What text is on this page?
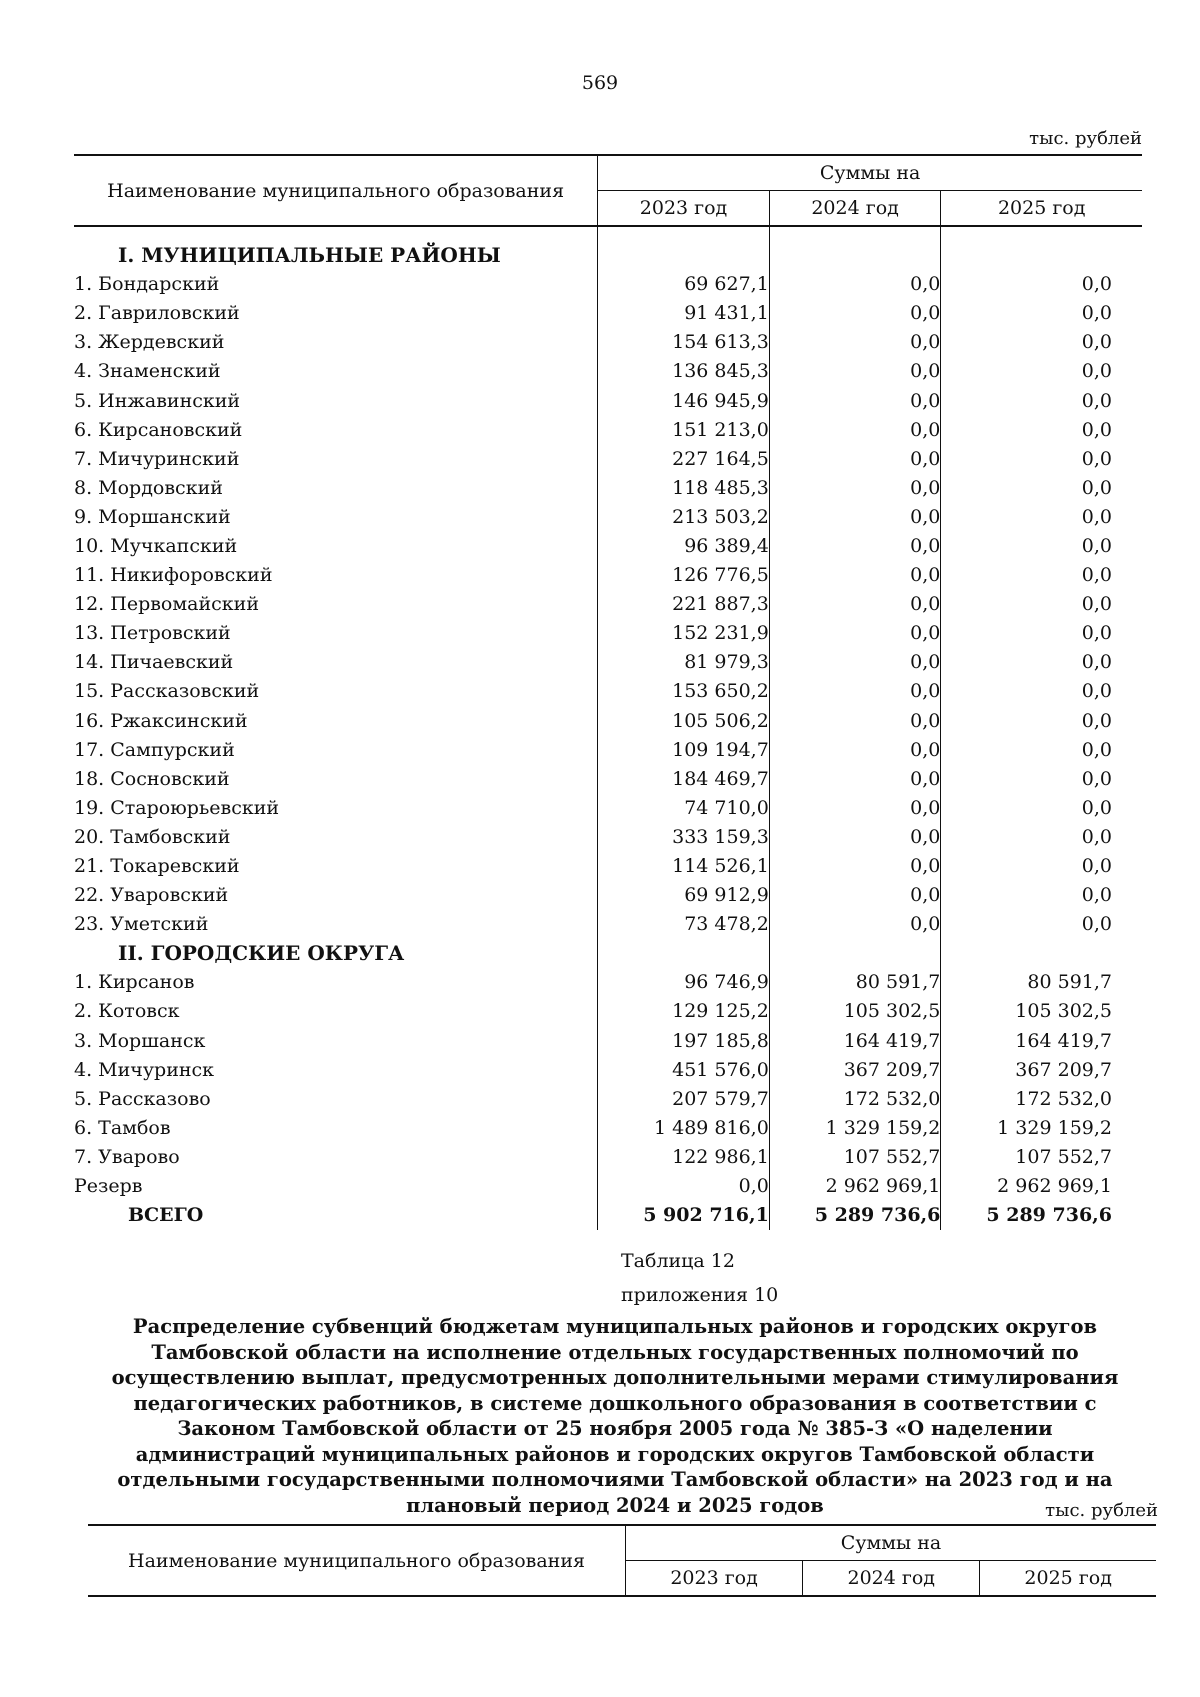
569
тыс. рублей
Наименование муниципального образования	Суммы на		
	2023 год	2024 год	2025 год
I. МУНИЦИПАЛЬНЫЕ РАЙОНЫ			
1. Бондарский	69 627,1	0,0	0,0
2. Гавриловский	91 431,1	0,0	0,0
3. Жердевский	154 613,3	0,0	0,0
4. Знаменский	136 845,3	0,0	0,0
5. Инжавинский	146 945,9	0,0	0,0
6. Кирсановский	151 213,0	0,0	0,0
7. Мичуринский	227 164,5	0,0	0,0
8. Мордовский	118 485,3	0,0	0,0
9. Моршанский	213 503,2	0,0	0,0
10. Мучкапский	96 389,4	0,0	0,0
11. Никифоровский	126 776,5	0,0	0,0
12. Первомайский	221 887,3	0,0	0,0
13. Петровский	152 231,9	0,0	0,0
14. Пичаевский	81 979,3	0,0	0,0
15. Рассказовский	153 650,2	0,0	0,0
16. Ржаксинский	105 506,2	0,0	0,0
17. Сампурский	109 194,7	0,0	0,0
18. Сосновский	184 469,7	0,0	0,0
19. Староюрьевский	74 710,0	0,0	0,0
20. Тамбовский	333 159,3	0,0	0,0
21. Токаревский	114 526,1	0,0	0,0
22. Уваровский	69 912,9	0,0	0,0
23. Уметский	73 478,2	0,0	0,0
II. ГОРОДСКИЕ ОКРУГА			
1. Кирсанов	96 746,9	80 591,7	80 591,7
2. Котовск	129 125,2	105 302,5	105 302,5
3. Моршанск	197 185,8	164 419,7	164 419,7
4. Мичуринск	451 576,0	367 209,7	367 209,7
5. Рассказово	207 579,7	172 532,0	172 532,0
6. Тамбов	1 489 816,0	1 329 159,2	1 329 159,2
7. Уварово	122 986,1	107 552,7	107 552,7
Резерв	0,0	2 962 969,1	2 962 969,1
ВСЕГО	5 902 716,1	5 289 736,6	5 289 736,6
Таблица 12
приложения 10
Распределение субвенций бюджетам муниципальных районов и городских округов Тамбовской области на исполнение отдельных государственных полномочий по осуществлению выплат, предусмотренных дополнительными мерами стимулирования педагогических работников, в системе дошкольного образования в соответствии с Законом Тамбовской области от 25 ноября 2005 года № 385-З «О наделении администраций муниципальных районов и городских округов Тамбовской области отдельными государственными полномочиями Тамбовской области» на 2023 год и на плановый период 2024 и 2025 годов	тыс. рублей
Наименование муниципального образования	Суммы на		
	2023 год	2024 год	2025 год
